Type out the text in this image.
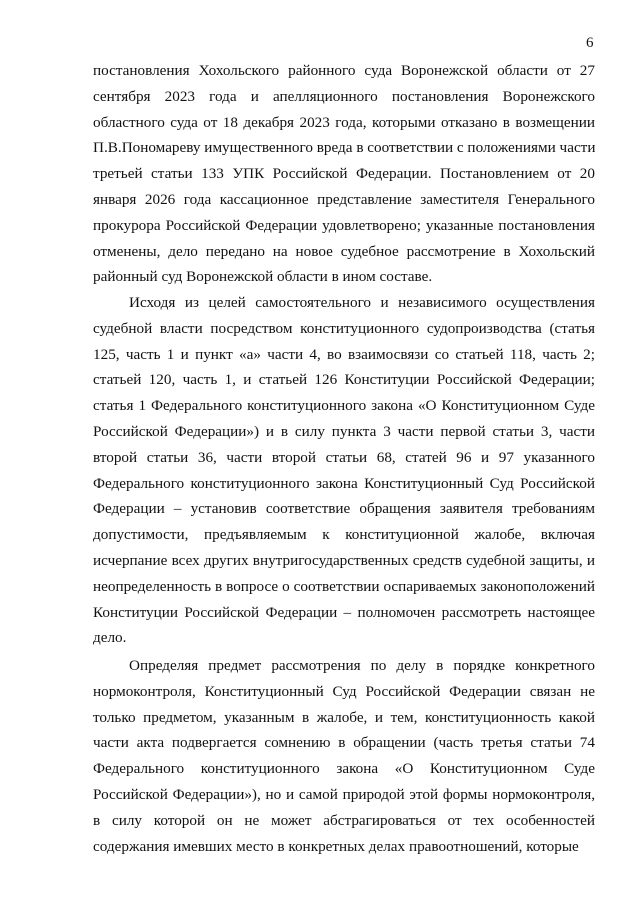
6
постановления Хохольского районного суда Воронежской области от 27
сентября 2023 года и апелляционного постановления Воронежского
областного суда от 18 декабря 2023 года, которыми отказано в возмещении
П.В.Пономареву имущественного вреда в соответствии с положениями части
третьей статьи 133 УПК Российской Федерации. Постановлением от 20
января 2026 года кассационное представление заместителя Генерального
прокурора Российской Федерации удовлетворено; указанные постановления
отменены, дело передано на новое судебное рассмотрение в Хохольский
районный суд Воронежской области в ином составе.
Исходя из целей самостоятельного и независимого осуществления
судебной власти посредством конституционного судопроизводства (статья
125, часть 1 и пункт «а» части 4, во взаимосвязи со статьей 118, часть 2;
статьей 120, часть 1, и статьей 126 Конституции Российской Федерации;
статья 1 Федерального конституционного закона «О Конституционном Суде
Российской Федерации») и в силу пункта 3 части первой статьи 3, части
второй статьи 36, части второй статьи 68, статей 96 и 97 указанного
Федерального конституционного закона Конституционный Суд Российской
Федерации – установив соответствие обращения заявителя требованиям
допустимости, предъявляемым к конституционной жалобе, включая
исчерпание всех других внутригосударственных средств судебной защиты, и
неопределенность в вопросе о соответствии оспариваемых законоположений
Конституции Российской Федерации – полномочен рассмотреть настоящее
дело.
Определяя предмет рассмотрения по делу в порядке конкретного
нормоконтроля, Конституционный Суд Российской Федерации связан не
только предметом, указанным в жалобе, и тем, конституционность какой
части акта подвергается сомнению в обращении (часть третья статьи 74
Федерального конституционного закона «О Конституционном Суде
Российской Федерации»), но и самой природой этой формы нормоконтроля,
в силу которой он не может абстрагироваться от тех особенностей
содержания имевших место в конкретных делах правоотношений, которые
